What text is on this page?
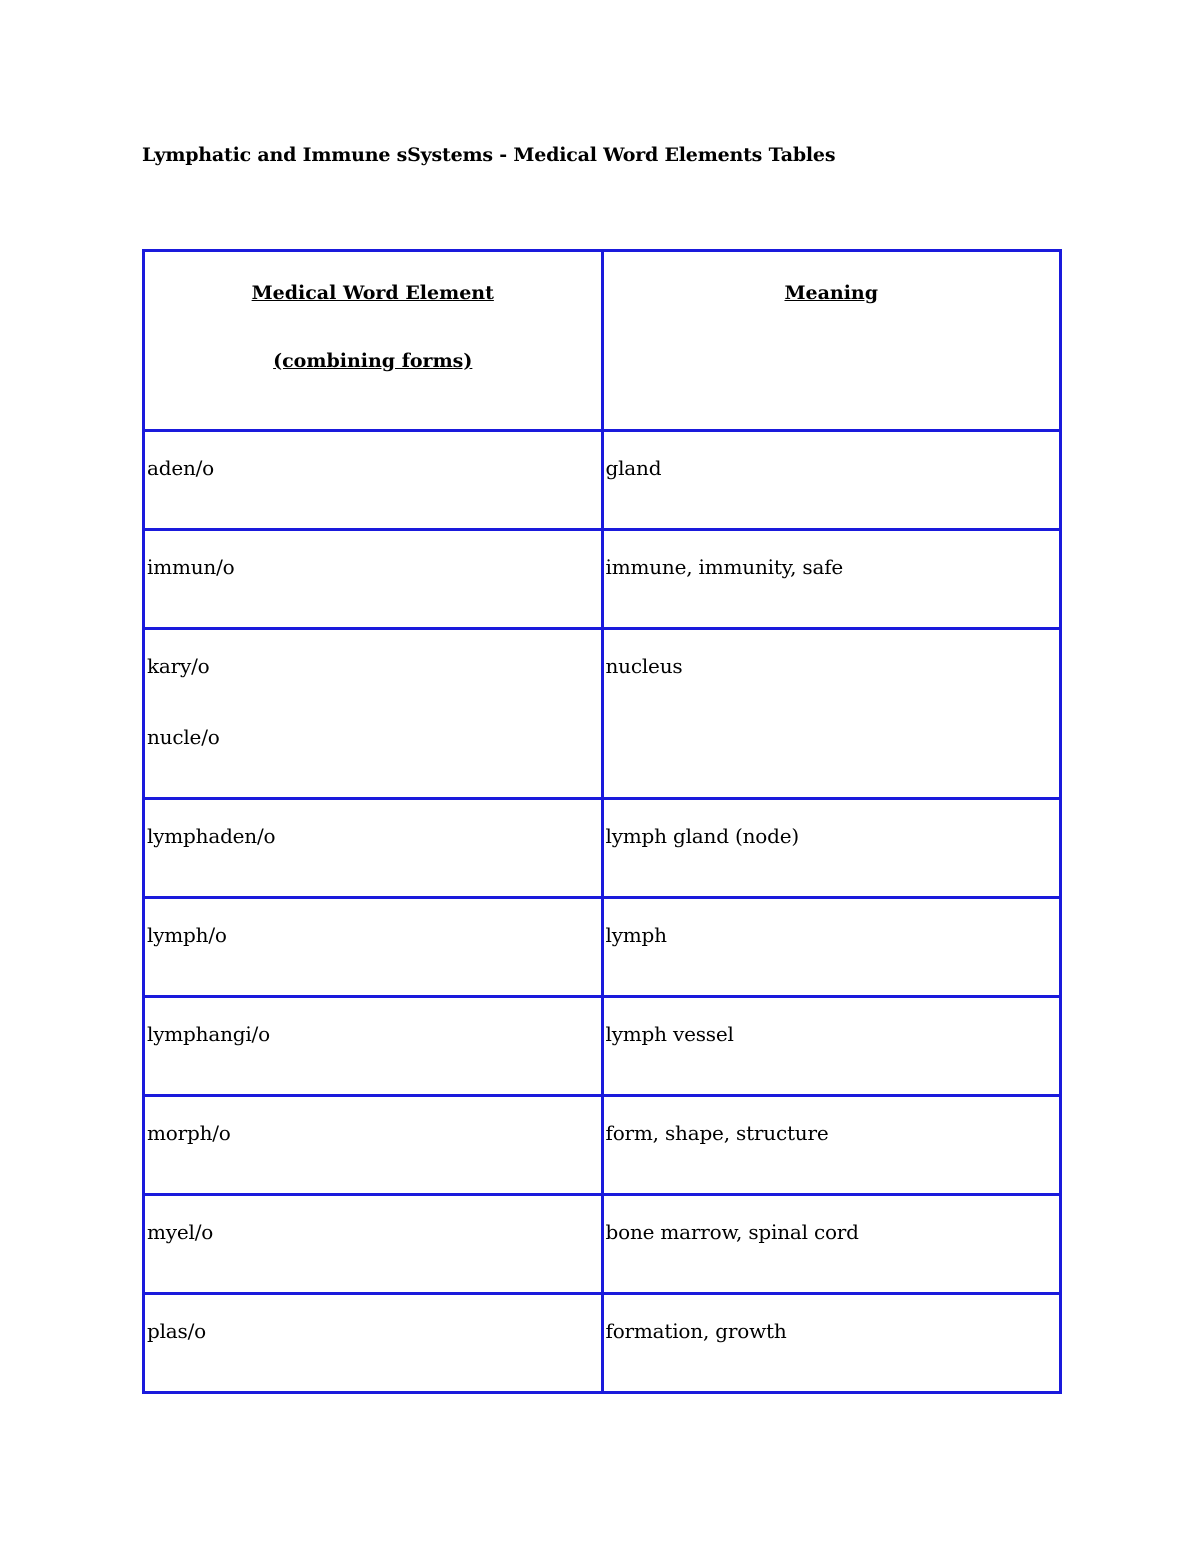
Lymphatic and Immune sSystems - Medical Word Elements Tables
Medical Word Element
(combining forms)	Meaning

aden/o	gland

immun/o	immune, immunity, safe

kary/o
nucle/o	nucleus

lymphaden/o	lymph gland (node)

lymph/o	lymph

lymphangi/o	lymph vessel

morph/o	form, shape, structure

myel/o	bone marrow, spinal cord

plas/o	formation, growth
